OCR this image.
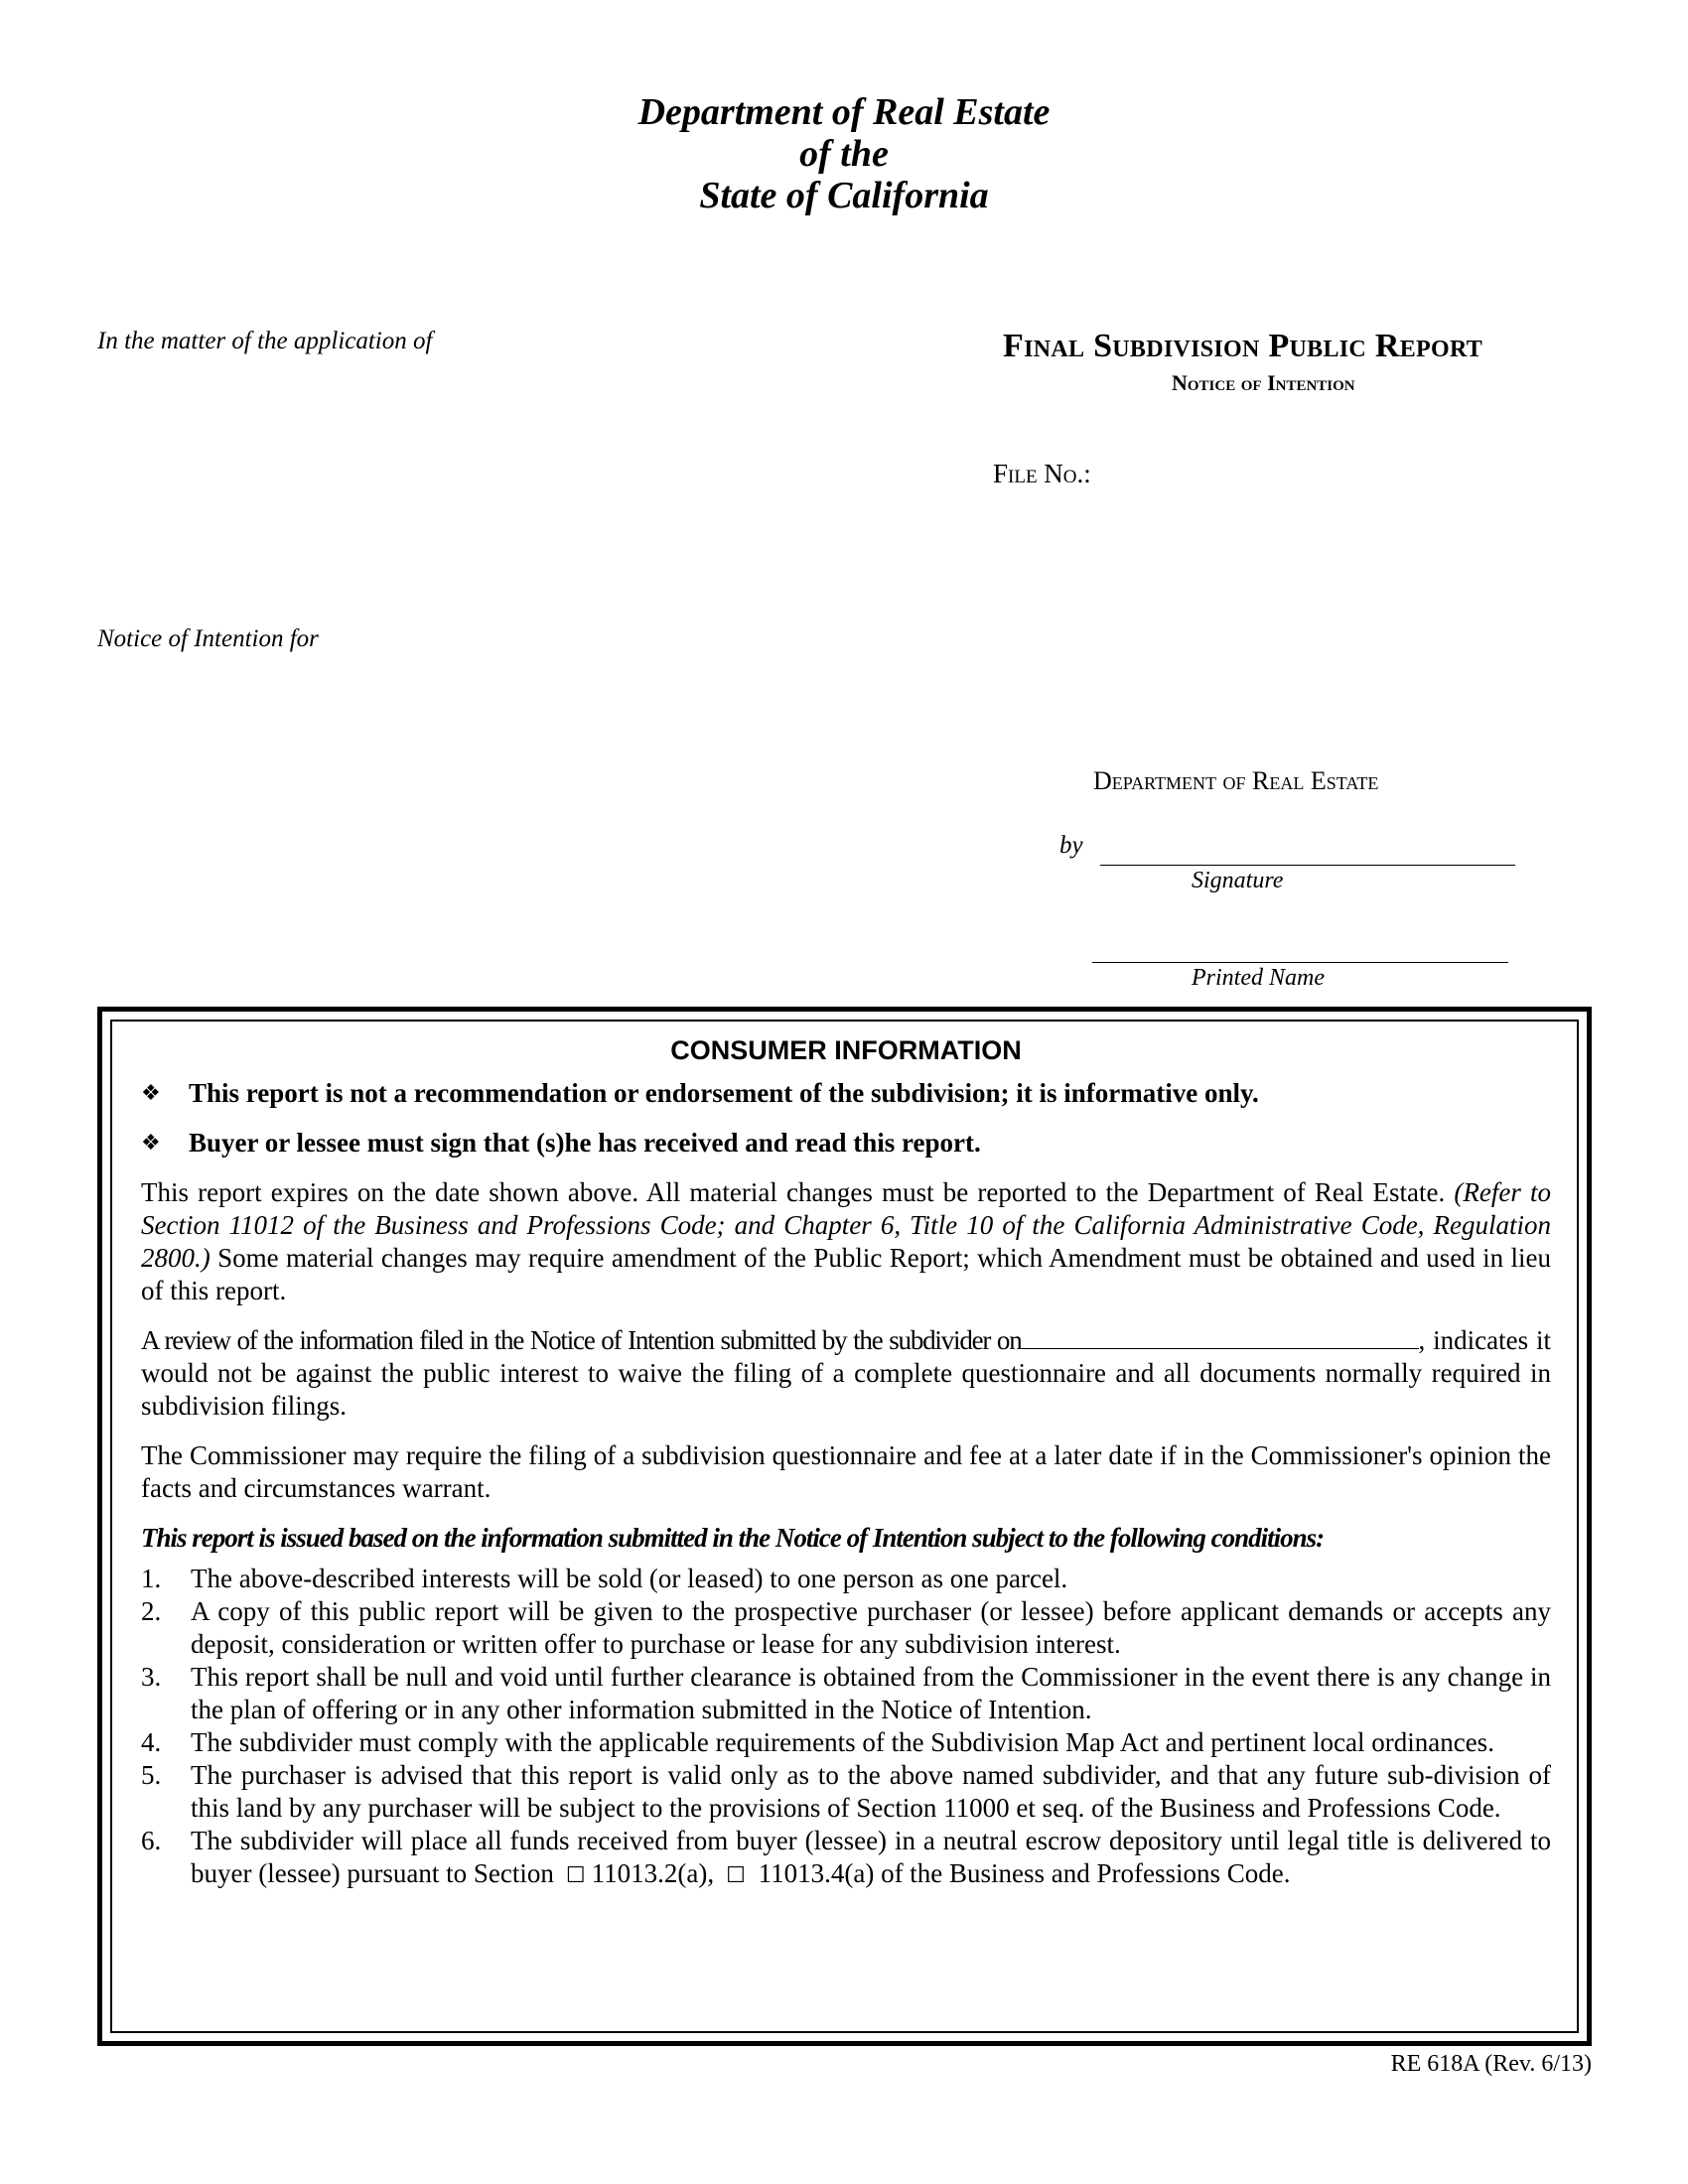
Department of Real Estate
of the
State of California
In the matter of the application of
Notice of Intention for
Final Subdivision Public Report
Notice of Intention
File No.:
Department of Real Estate
by
Signature
Printed Name
CONSUMER INFORMATION
❖	This report is not a recommendation or endorsement of the subdivision; it is informative only.
❖	Buyer or lessee must sign that (s)he has received and read this report.

This report expires on the date shown above. All material changes must be reported to the Department of Real Estate. (Refer to Section 11012 of the Business and Professions Code; and Chapter 6, Title 10 of the California Administrative Code, Regulation 2800.) Some material changes may require amendment of the Public Report; which Amendment must be obtained and used in lieu of this report.

A review of the information filed in the Notice of Intention submitted by the subdivider on	, indicates it would not be against the public interest to waive the filing of a complete questionnaire and all documents normally required in subdivision filings.

The Commissioner may require the filing of a subdivision questionnaire and fee at a later date if in the Commissioner's opinion the facts and circumstances warrant.

This report is issued based on the information submitted in the Notice of Intention subject to the following conditions:

1.	The above-described interests will be sold (or leased) to one person as one parcel.
2.	A copy of this public report will be given to the prospective purchaser (or lessee) before applicant demands or accepts any deposit, consideration or written offer to purchase or lease for any subdivision interest.
3.	This report shall be null and void until further clearance is obtained from the Commissioner in the event there is any change in the plan of offering or in any other information submitted in the Notice of Intention.
4.	The subdivider must comply with the applicable requirements of the Subdivision Map Act and pertinent local ordinances.
5.	The purchaser is advised that this report is valid only as to the above named subdivider, and that any future sub-division of this land by any purchaser will be subject to the provisions of Section 11000 et seq. of the Business and Professions Code.
6.	The subdivider will place all funds received from buyer (lessee) in a neutral escrow depository until legal title is delivered to buyer (lessee) pursuant to Section ☐ 11013.2(a), ☐ 11013.4(a) of the Business and Professions Code.
RE 618A (Rev. 6/13)
